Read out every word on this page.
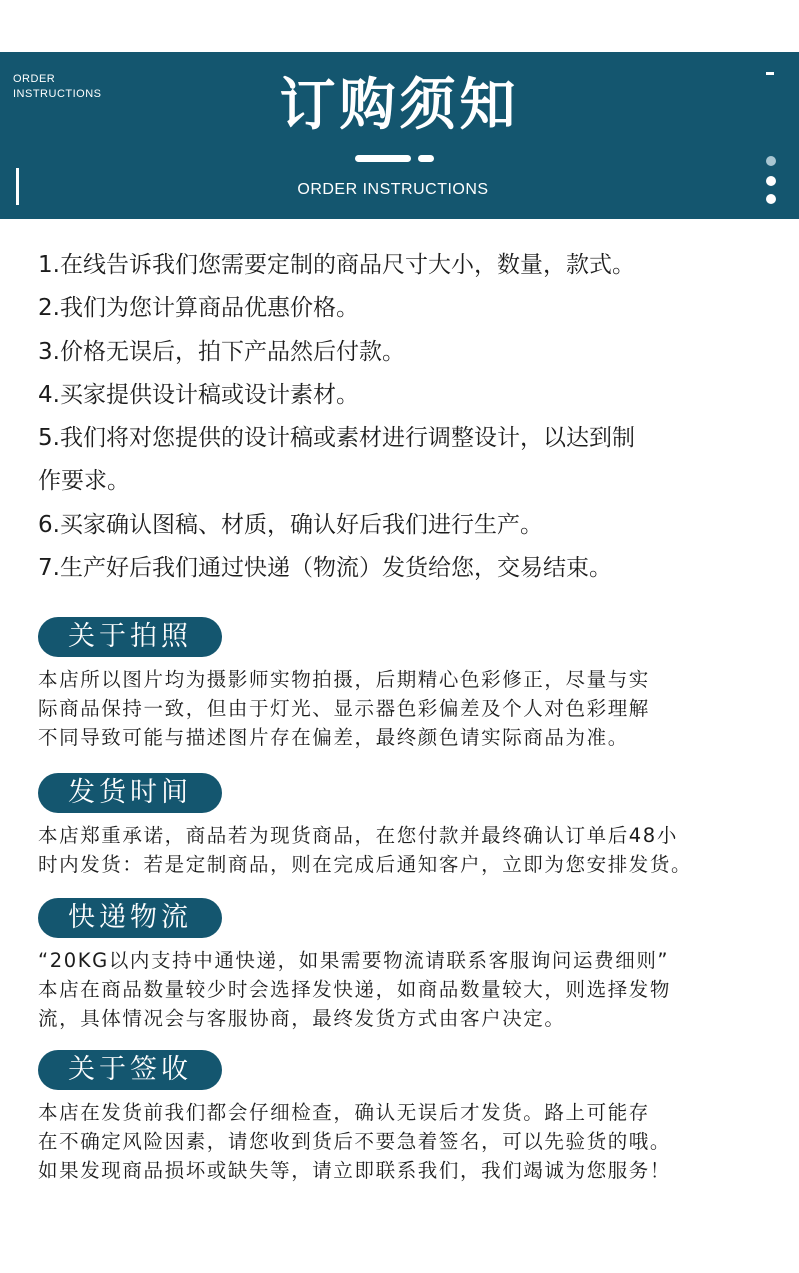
ORDER
INSTRUCTIONS	订购须知
ORDER INSTRUCTIONS
1.在线告诉我们您需要定制的商品尺寸大小，数量，款式。
2.我们为您计算商品优惠价格。
3.价格无误后，拍下产品然后付款。
4.买家提供设计稿或设计素材。
5.我们将对您提供的设计稿或素材进行调整设计，以达到制
作要求。
6.买家确认图稿、材质，确认好后我们进行生产。
7.生产好后我们通过快递（物流）发货给您，交易结束。
关于拍照
本店所以图片均为摄影师实物拍摄，后期精心色彩修正，尽量与实
际商品保持一致，但由于灯光、显示器色彩偏差及个人对色彩理解
不同导致可能与描述图片存在偏差，最终颜色请实际商品为准。
发货时间
本店郑重承诺，商品若为现货商品，在您付款并最终确认订单后48小
时内发货：若是定制商品，则在完成后通知客户，立即为您安排发货。
快递物流
“20KG以内支持中通快递，如果需要物流请联系客服询问运费细则”
本店在商品数量较少时会选择发快递，如商品数量较大，则选择发物
流，具体情况会与客服协商，最终发货方式由客户决定。
关于签收
本店在发货前我们都会仔细检查，确认无误后才发货。路上可能存
在不确定风险因素，请您收到货后不要急着签名，可以先验货的哦。
如果发现商品损坏或缺失等，请立即联系我们，我们竭诚为您服务！
